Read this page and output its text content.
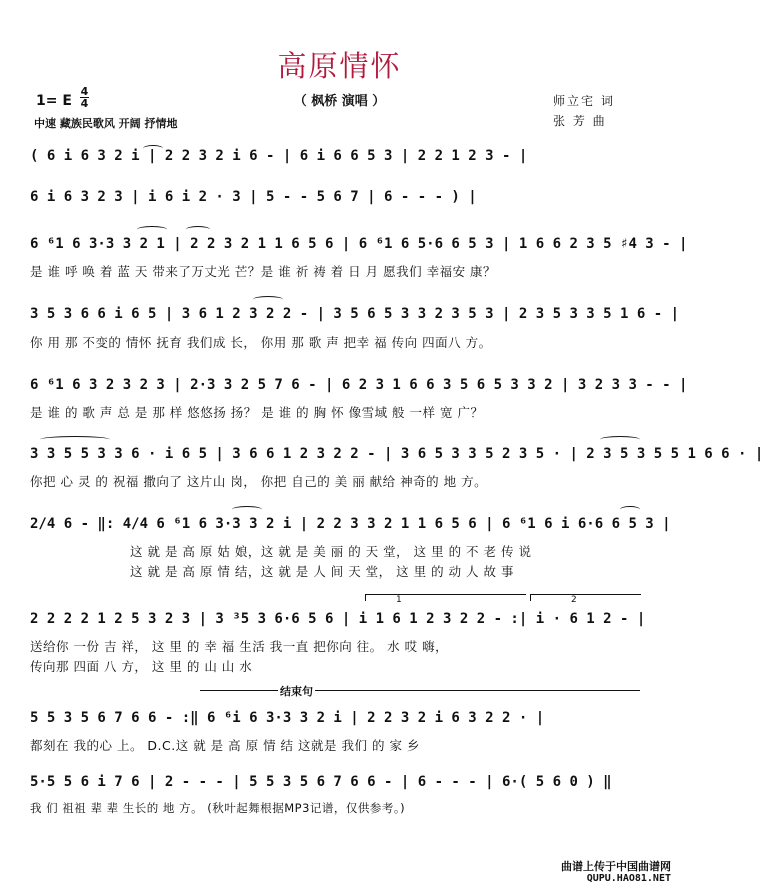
高原情怀
（ 枫桥 演唱 ）
1= E
4
4
中速 藏族民歌风 开阔 抒情地
师立宅 词
张 芳 曲
( 6 i 6 3 2 i | 2 2 3 2 i 6 - | 6 i 6 6 5 3 | 2 2 1 2 3 - |
6 i 6 3 2 3 | i 6 i 2 · 3 | 5 - - 5 6 7 | 6 - - - ) |
6 ⁶1 6 3·3 3 2 1 | 2 2 3 2 1 1 6 5 6 | 6 ⁶1 6 5·6 6 5 3 | 1 6 6 2 3 5 ♯4 3 - |
是 谁 呼 唤 着 蓝 天 带来了万丈光 芒？是 谁 祈 祷 着 日 月 愿我们 幸福安 康？
3 5 3 6 6 i 6 5 | 3 6 1 2 3 2 2 - | 3 5 6 5 3 3 2 3 5 3 | 2 3 5 3 3 5 1 6 - |
你 用 那 不变的 情怀 抚育 我们成 长， 你用 那 歌 声 把幸 福 传向 四面八 方。
6 ⁶1 6 3 2 3 2 3 | 2·3 3 2 5 7 6 - | 6 2 3 1 6 6 3 5 6 5 3 3 2 | 3 2 3 3 - - |
是 谁 的 歌 声 总 是 那 样 悠悠扬 扬？ 是 谁 的 胸 怀 像雪域 般 一样 宽 广？
3 3 5 5 3 3 6 · i 6 5 | 3 6 6 1 2 3 2 2 - | 3 6 5 3 3 5 2 3 5 · | 2 3 5 3 5 5 1 6 6 · |
你把 心 灵 的 祝福 撒向了 这片山 岗， 你把 自己的 美 丽 献给 神奇的 地 方。
2/4 6 - ‖: 4/4 6 ⁶1 6 3·3 3 2 i | 2 2 3 3 2 1 1 6 5 6 | 6 ⁶1 6 i 6·6 6 5 3 |
这 就 是 高 原 姑 娘，这 就 是 美 丽 的 天 堂， 这 里 的 不 老 传 说
这 就 是 高 原 情 结，这 就 是 人 间 天 堂， 这 里 的 动 人 故 事
1	2
2 2 2 2 1 2 5 3 2 3 | 3 ³5 3 6·6 5 6 | i 1 6 1 2 3 2 2 - :| i · 6 1 2 - |
送给你 一份 吉 祥， 这 里 的 幸 福 生活 我一直 把你向 往。 水 哎 嗨，
传向那 四面 八 方， 这 里 的 山 山 水
结束句
5 5 3 5 6 7 6 6 - :‖ 6 ⁶i 6 3·3 3 2 i | 2 2 3 2 i 6 3 2 2 · |
都刻在 我的心 上。 D.C.这 就 是 高 原 情 结 这就是 我们 的 家 乡
5·5 5 6 i 7 6 | 2 - - - | 5 5 3 5 6 7 6 6 - | 6 - - - | 6·( 5 6 0 ) ‖
我 们 祖祖 辈 辈 生长的 地 方。 (秋叶起舞根据MP3记谱，仅供参考。)
曲谱上传于中国曲谱网
QUPU.HAO81.NET
